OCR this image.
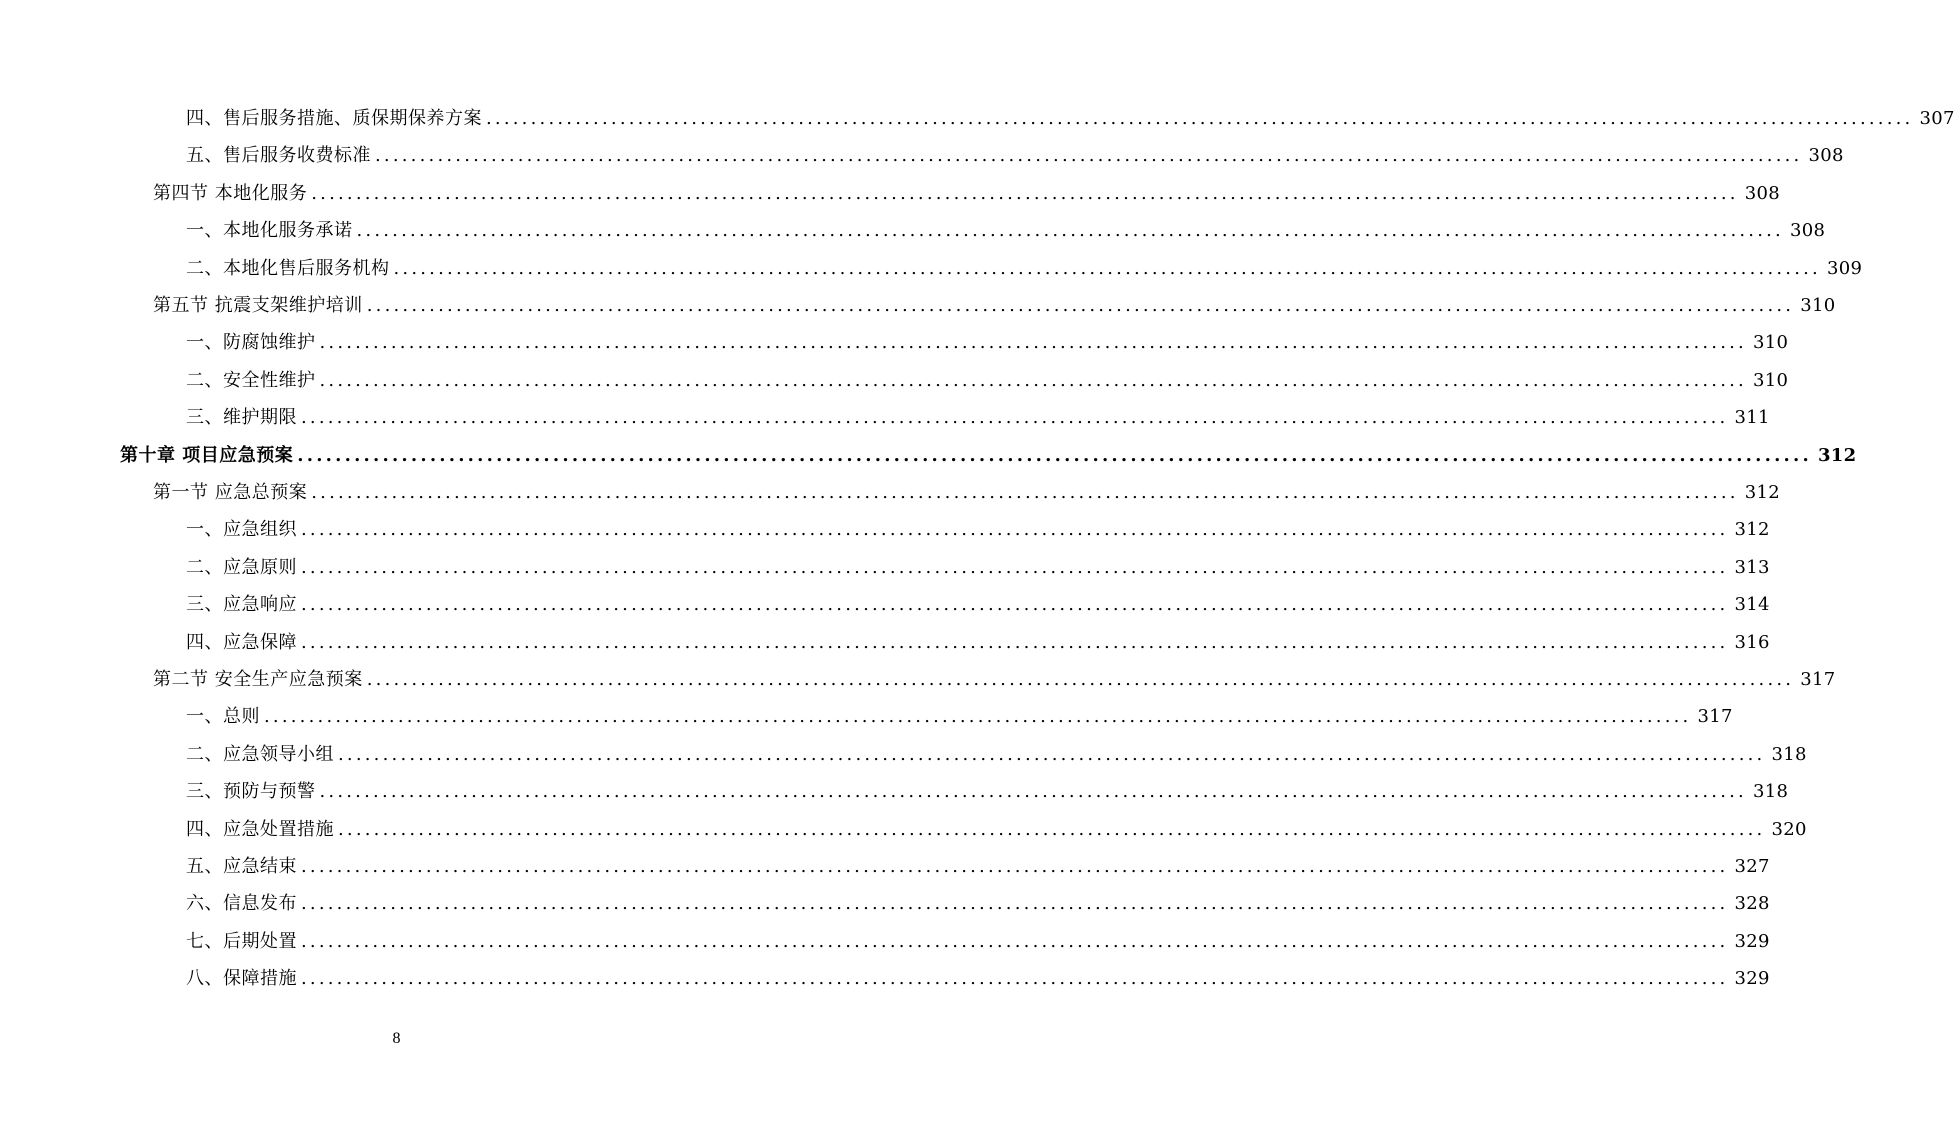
四、售后服务措施、质保期保养方案 ................................................................................................................................................................ 307
五、售后服务收费标准 ................................................................................................................................................................ 308
第四节 本地化服务 ................................................................................................................................................................ 308
一、本地化服务承诺 ................................................................................................................................................................ 308
二、本地化售后服务机构 ................................................................................................................................................................ 309
第五节 抗震支架维护培训 ................................................................................................................................................................ 310
一、防腐蚀维护 ................................................................................................................................................................ 310
二、安全性维护 ................................................................................................................................................................ 310
三、维护期限 ................................................................................................................................................................ 311
第十章 项目应急预案 ................................................................................................................................................................ 312
第一节 应急总预案 ................................................................................................................................................................ 312
一、应急组织 ................................................................................................................................................................ 312
二、应急原则 ................................................................................................................................................................ 313
三、应急响应 ................................................................................................................................................................ 314
四、应急保障 ................................................................................................................................................................ 316
第二节 安全生产应急预案 ................................................................................................................................................................ 317
一、总则 ................................................................................................................................................................ 317
二、应急领导小组 ................................................................................................................................................................ 318
三、预防与预警 ................................................................................................................................................................ 318
四、应急处置措施 ................................................................................................................................................................ 320
五、应急结束 ................................................................................................................................................................ 327
六、信息发布 ................................................................................................................................................................ 328
七、后期处置 ................................................................................................................................................................ 329
八、保障措施 ................................................................................................................................................................ 329
8
